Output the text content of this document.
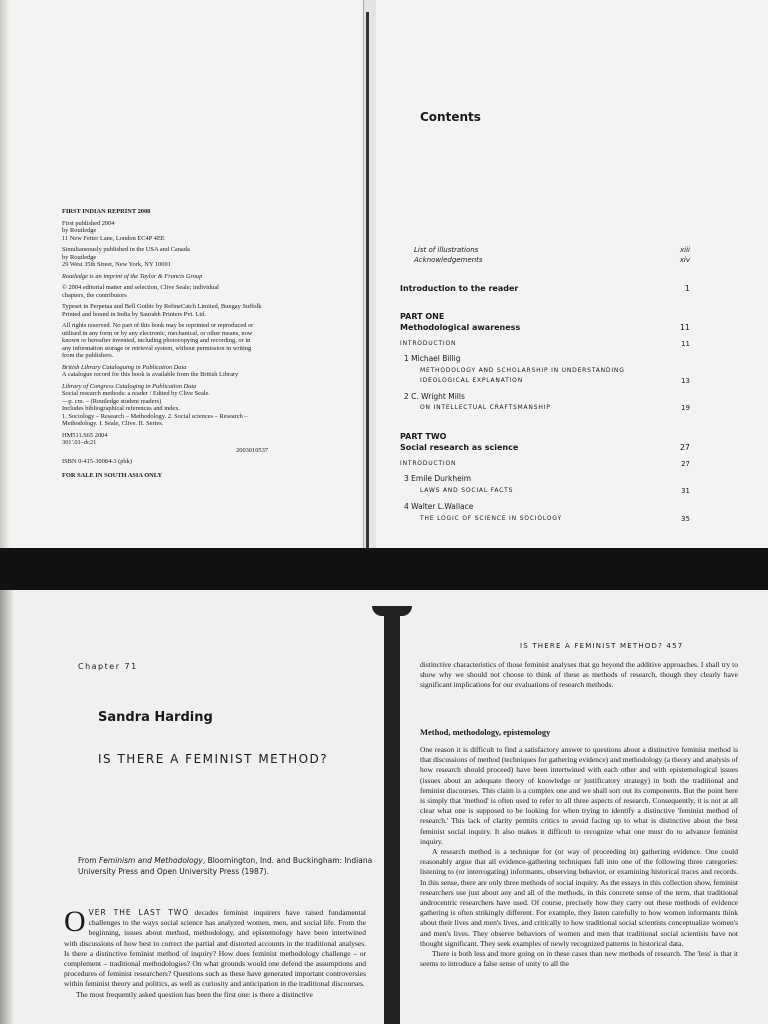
FIRST INDIAN REPRINT 2008

First published 2004
by Routledge
11 New Fetter Lane, London EC4P 4EE

Simultaneously published in the USA and Canada
by Routledge
29 West 35th Street, New York, NY 10001

Routledge is an imprint of the Taylor & Francis Group

© 2004 editorial matter and selection, Clive Seale; individual
chapters, the contributors

Typeset in Perpetua and Bell Gothic by RefineCatch Limited, Bungay Suffolk
Printed and bound in India by Saurabh Printers Pvt. Ltd.

All rights reserved. No part of this book may be reprinted or reproduced or
utilised in any form or by any electronic, mechanical, or other means, now
known or hereafter invented, including photocopying and recording, or in
any information storage or retrieval system, without permission in writing
from the publishers.

British Library Cataloguing in Publication Data
A catalogue record for this book is available from the British Library

Library of Congress Cataloging in Publication Data
Social research methods: a reader / Edited by Clive Seale.
—p. cm. – (Routledge student readers)
Includes bibliographical references and index.
1. Sociology – Research – Methodology. 2. Social sciences – Research –
Methodology. I. Seale, Clive. II. Series.

HM511.S65 2004
301'.01–dc21

2003010537

ISBN 0-415-30084-3 (pbk)

FOR SALE IN SOUTH ASIA ONLY

Contents
List of illustrations	xiii
Acknowledgements	xiv
Introduction to the reader	1
PART ONE
Methodological awareness	11
INTRODUCTION	11
1 Michael Billig
METHODOLOGY AND SCHOLARSHIP IN UNDERSTANDING
IDEOLOGICAL EXPLANATION	13
2 C. Wright Mills
ON INTELLECTUAL CRAFTSMANSHIP	19
PART TWO
Social research as science	27
INTRODUCTION	27
3 Emile Durkheim
LAWS AND SOCIAL FACTS	31
4 Walter L.Wallace
THE LOGIC OF SCIENCE IN SOCIOLOGY	35
Chapter 71
Sandra Harding
IS THERE A FEMINIST METHOD?
From Feminism and Methodology, Bloomington, Ind. and Buckingham: Indiana University Press and Open University Press (1987).
OVER THE LAST TWO decades feminist inquirers have raised fundamental challenges to the ways social science has analyzed women, men, and social life. From the beginning, issues about method, methodology, and epistemology have been intertwined with discussions of how best to correct the partial and distorted accounts in the traditional analyses. Is there a distinctive feminist method of inquiry? How does feminist methodology challenge – or complement – traditional methodologies? On what grounds would one defend the assumptions and procedures of feminist researchers? Questions such as these have generated important controversies within feminist theory and politics, as well as curiosity and anticipation in the traditional discourses.
The most frequently asked question has been the first one: is there a distinctive
IS THERE A FEMINIST METHOD? 457

distinctive characteristics of those feminist analyses that go beyond the additive approaches. I shall try to show why we should not choose to think of these as methods of research, though they clearly have significant implications for our evaluations of research methods.

Method, methodology, epistemology

One reason it is difficult to find a satisfactory answer to questions about a distinctive feminist method is that discussions of method (techniques for gathering evidence) and methodology (a theory and analysis of how research should proceed) have been intertwined with each other and with epistemological issues (issues about an adequate theory of knowledge or justificatory strategy) in both the traditional and feminist discourses. This claim is a complex one and we shall sort out its components. But the point here is simply that 'method' is often used to refer to all three aspects of research. Consequently, it is not at all clear what one is supposed to be looking for when trying to identify a distinctive 'feminist method of research.' This lack of clarity permits critics to avoid facing up to what is distinctive about the best feminist social inquiry. It also makes it difficult to recognize what one must do to advance feminist inquiry.

A research method is a technique for (or way of proceeding in) gathering evidence. One could reasonably argue that all evidence-gathering techniques fall into one of the following three categories: listening to (or interrogating) informants, observing behavior, or examining historical traces and records. In this sense, there are only three methods of social inquiry. As the essays in this collection show, feminist researchers use just about any and all of the methods, in this concrete sense of the term, that traditional androcentric researchers have used. Of course, precisely how they carry out these methods of evidence gathering is often strikingly different. For example, they listen carefully to how women informants think about their lives and men's lives, and critically to how traditional social scientists conceptualize women's and men's lives. They observe behaviors of women and men that traditional social scientists have not thought significant. They seek examples of newly recognized patterns in historical data.

There is both less and more going on in these cases than new methods of research. The 'less' is that it seems to introduce a false sense of unity to all the
